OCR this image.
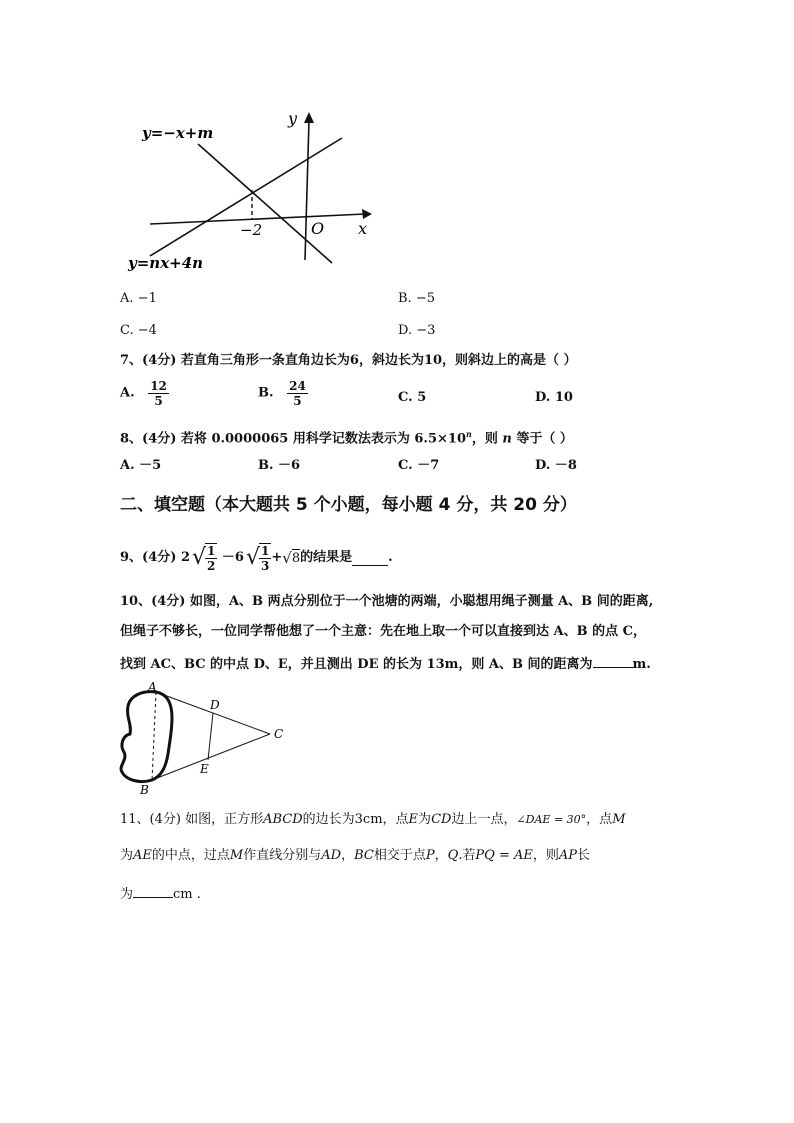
y=−x+m
y=nx+4n
y
x
O
−2
A. −1	B. −5
C. −4	D. −3
7、(4分) 若直角三角形一条直角边长为6，斜边长为10，则斜边上的高是（ ）
A. $\frac{12}{5}$	B. $\frac{24}{5}$	C. 5	D. 10
8、(4分) 若将 0.0000065 用科学记数法表示为 $6.5\times 10^n$，则 n 等于（ ）
A. －5	B. －6	C. －7	D. －8
二、填空题（本大题共 5 个小题，每小题 4 分，共 20 分）
9、(4分)
2 √ $\frac{1}{2}$
－6 √ $\frac{1}{3}$ + √ 8 的结果是	.
10、(4分) 如图，A、B 两点分别位于一个池塘的两端，小聪想用绳子测量 A、B 间的距离,
但绳子不够长，一位同学帮他想了一个主意：先在地上取一个可以直接到达 A、B 的点 C，
找到 AC、BC 的中点 D、E，并且测出 DE 的长为 13m，则 A、B 间的距离为	m.
A
B
C
D
E
11、(4分) 如图，正方形ABCD的边长为3cm，点E为CD边上一点，∠DAE = 30°，点M
为AE的中点，过点M作直线分别与AD，BC相交于点P，Q.若PQ = AE，则AP长
为	cm .
